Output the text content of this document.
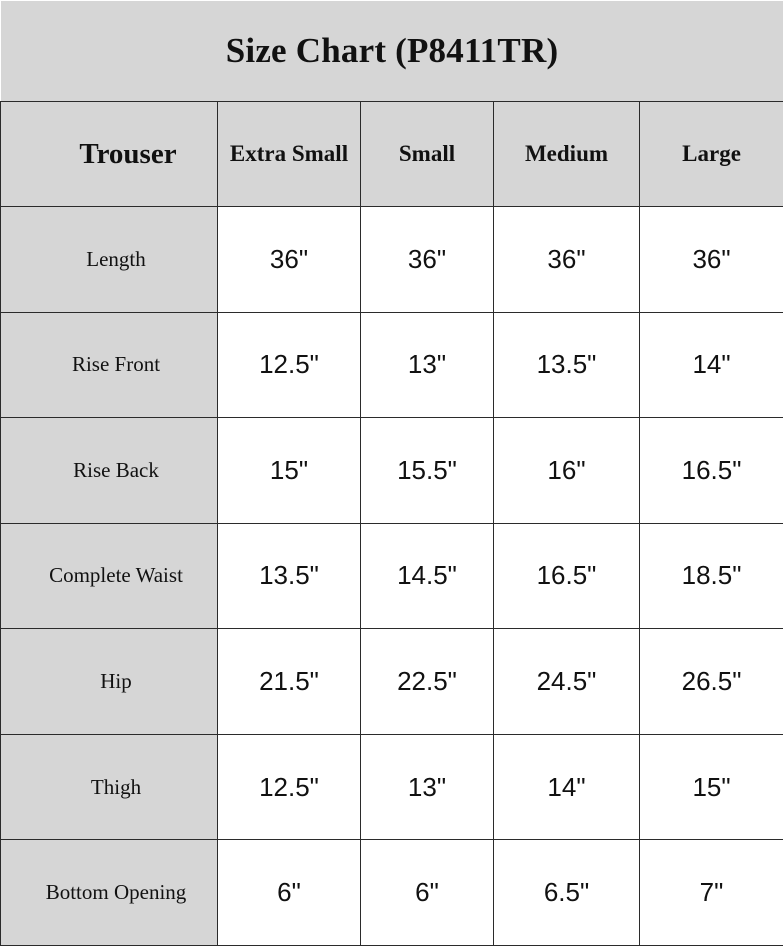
Size Chart (P8411TR)				
Trouser	Extra Small	Small	Medium	Large
Length	36"	36"	36"	36"
Rise Front	12.5"	13"	13.5"	14"
Rise Back	15"	15.5"	16"	16.5"
Complete Waist	13.5"	14.5"	16.5"	18.5"
Hip	21.5"	22.5"	24.5"	26.5"
Thigh	12.5"	13"	14"	15"
Bottom Opening	6"	6"	6.5"	7"
